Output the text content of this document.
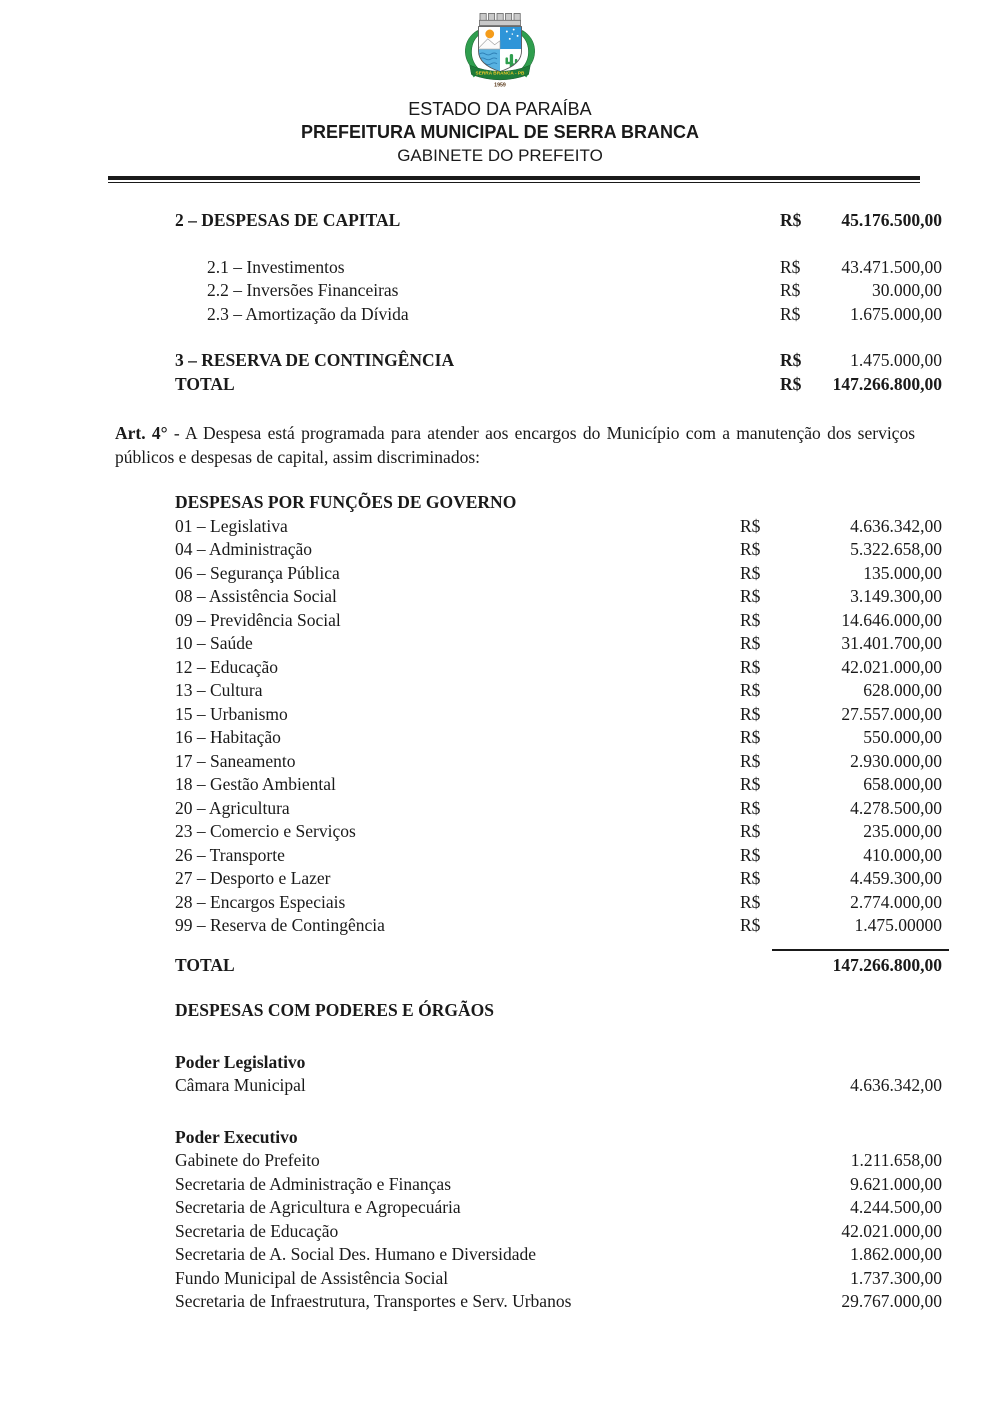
SERRA BRANCA - PB
1959
ESTADO DA PARAÍBA
PREFEITURA MUNICIPAL DE SERRA BRANCA
GABINETE DO PREFEITO
2 – DESPESAS DE CAPITAL	R$	45.176.500,00
2.1 – Investimentos	R$	43.471.500,00
2.2 – Inversões Financeiras	R$	30.000,00
2.3 – Amortização da Dívida	R$	1.675.000,00
3 – RESERVA DE CONTINGÊNCIA	R$	1.475.000,00
TOTAL	R$	147.266.800,00

Art. 4° - A Despesa está programada para atender aos encargos do Município com a manutenção dos serviços públicos e despesas de capital, assim discriminados:

DESPESAS POR FUNÇÕES DE GOVERNO
01 – Legislativa	R$	4.636.342,00
04 – Administração	R$	5.322.658,00
06 – Segurança Pública	R$	135.000,00
08 – Assistência Social	R$	3.149.300,00
09 – Previdência Social	R$	14.646.000,00
10 – Saúde	R$	31.401.700,00
12 – Educação	R$	42.021.000,00
13 – Cultura	R$	628.000,00
15 – Urbanismo	R$	27.557.000,00
16 – Habitação	R$	550.000,00
17 – Saneamento	R$	2.930.000,00
18 – Gestão Ambiental	R$	658.000,00
20 – Agricultura	R$	4.278.500,00
23 – Comercio e Serviços	R$	235.000,00
26 – Transporte	R$	410.000,00
27 – Desporto e Lazer	R$	4.459.300,00
28 – Encargos Especiais	R$	2.774.000,00
99 – Reserva de Contingência	R$	1.475.00000
TOTAL	147.266.800,00
DESPESAS COM PODERES E ÓRGÃOS
Poder Legislativo
Câmara Municipal	4.636.342,00
Poder Executivo
Gabinete do Prefeito	1.211.658,00
Secretaria de Administração e Finanças	9.621.000,00
Secretaria de Agricultura e Agropecuária	4.244.500,00
Secretaria de Educação	42.021.000,00
Secretaria de A. Social Des. Humano e Diversidade	1.862.000,00
Fundo Municipal de Assistência Social	1.737.300,00
Secretaria de Infraestrutura, Transportes e Serv. Urbanos	29.767.000,00
